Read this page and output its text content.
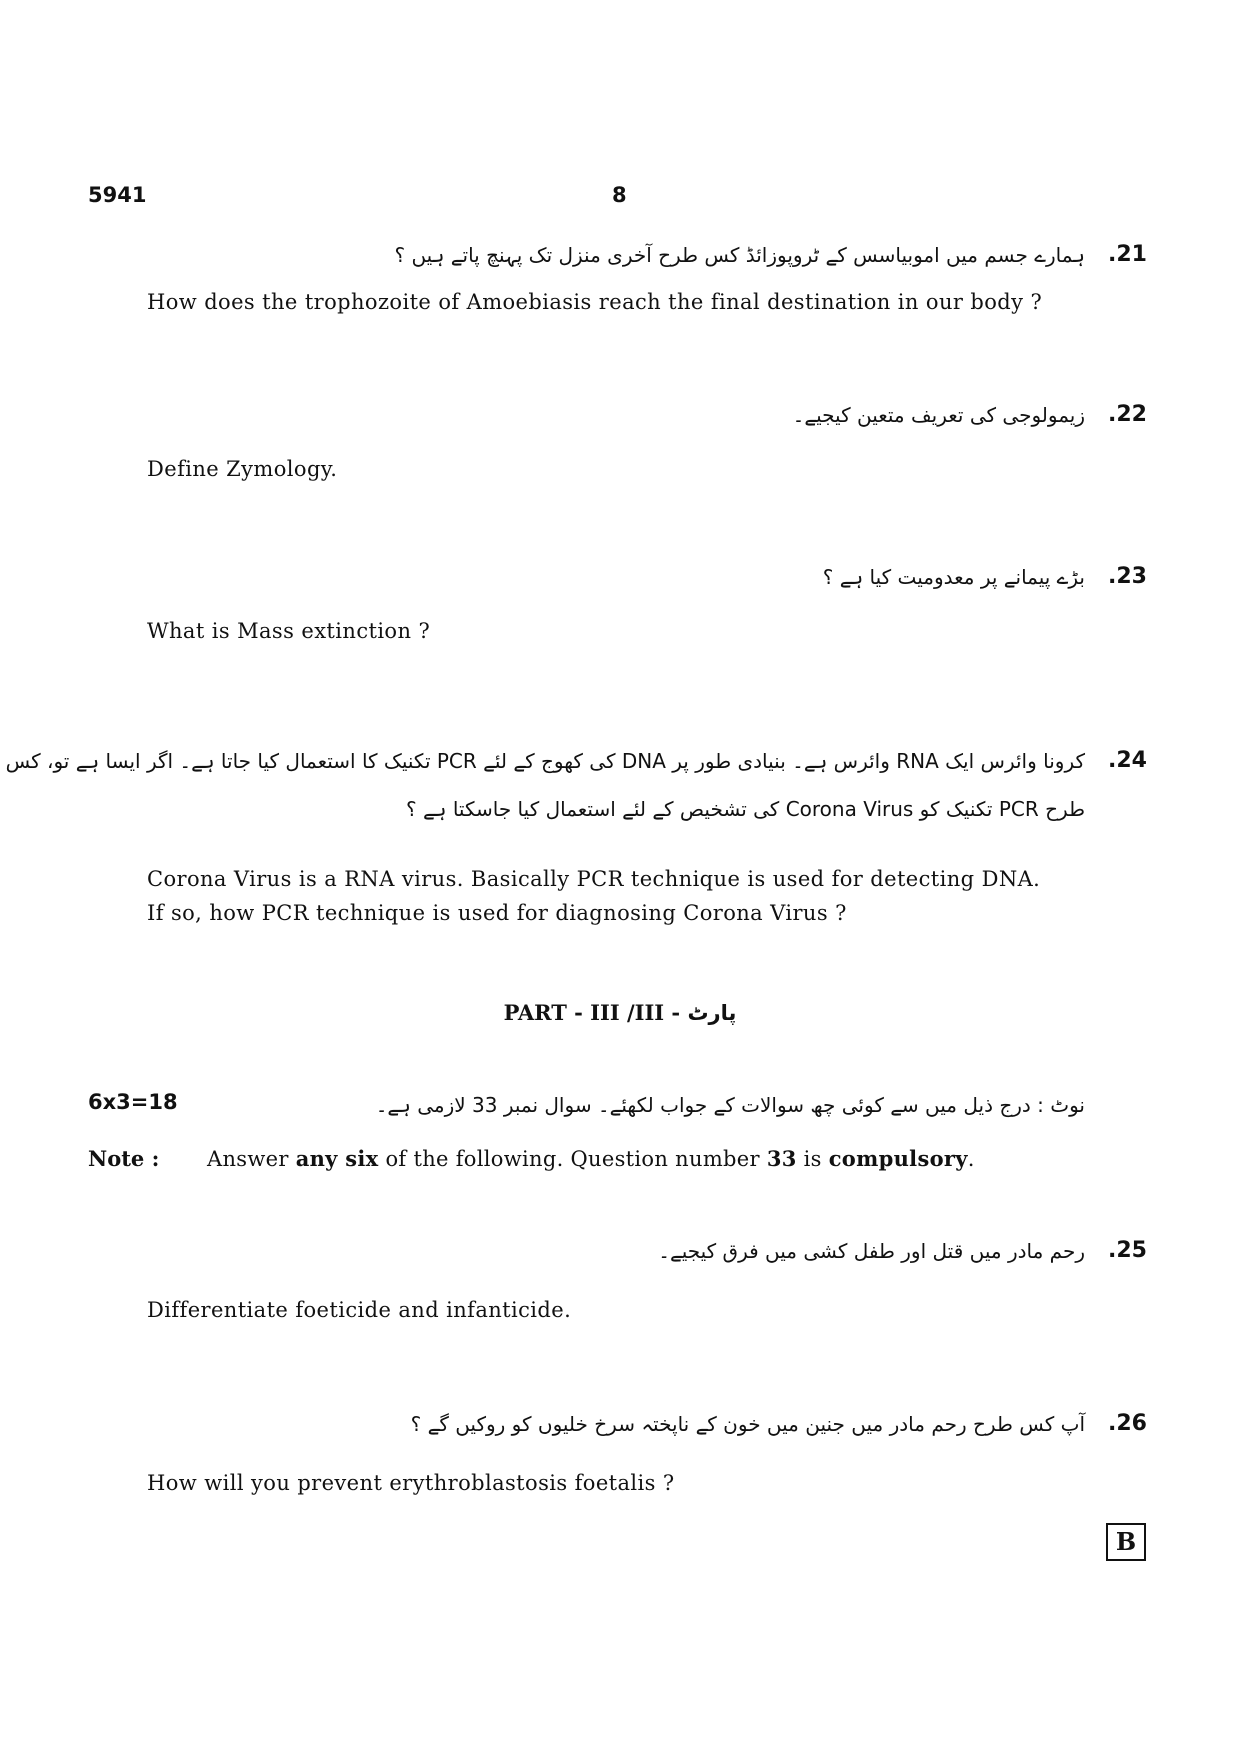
5941	8
.21
ہمارے جسم میں اموبیاسس کے ٹروپوزائڈ کس طرح آخری منزل تک پہنچ پاتے ہیں ؟
How does the trophozoite of Amoebiasis reach the final destination in our body ?
.22
زیمولوجی کی تعریف متعین کیجیے۔
Define Zymology.
.23
بڑے پیمانے پر معدومیت کیا ہے ؟
What is Mass extinction ?
.24
کرونا وائرس ایک RNA وائرس ہے۔ بنیادی طور پر DNA کی کھوج کے لئے PCR تکنیک کا استعمال کیا جاتا ہے۔ اگر ایسا ہے تو، کس
طرح PCR تکنیک کو Corona Virus کی تشخیص کے لئے استعمال کیا جاسکتا ہے ؟
Corona Virus is a RNA virus. Basically PCR technique is used for detecting DNA.
If so, how PCR technique is used for diagnosing Corona Virus ?
PART - III /III - پارٹ
6x3=18	نوٹ : درج ذیل میں سے کوئی چھ سوالات کے جواب لکھئے۔ سوال نمبر 33 لازمی ہے۔
Note : Answer any six of the following. Question number 33 is compulsory.
.25
رحم مادر میں قتل اور طفل کشی میں فرق کیجیے۔
Differentiate foeticide and infanticide.
.26
آپ کس طرح رحم مادر میں جنین میں خون کے ناپختہ سرخ خلیوں کو روکیں گے ؟
How will you prevent erythroblastosis foetalis ?
B
